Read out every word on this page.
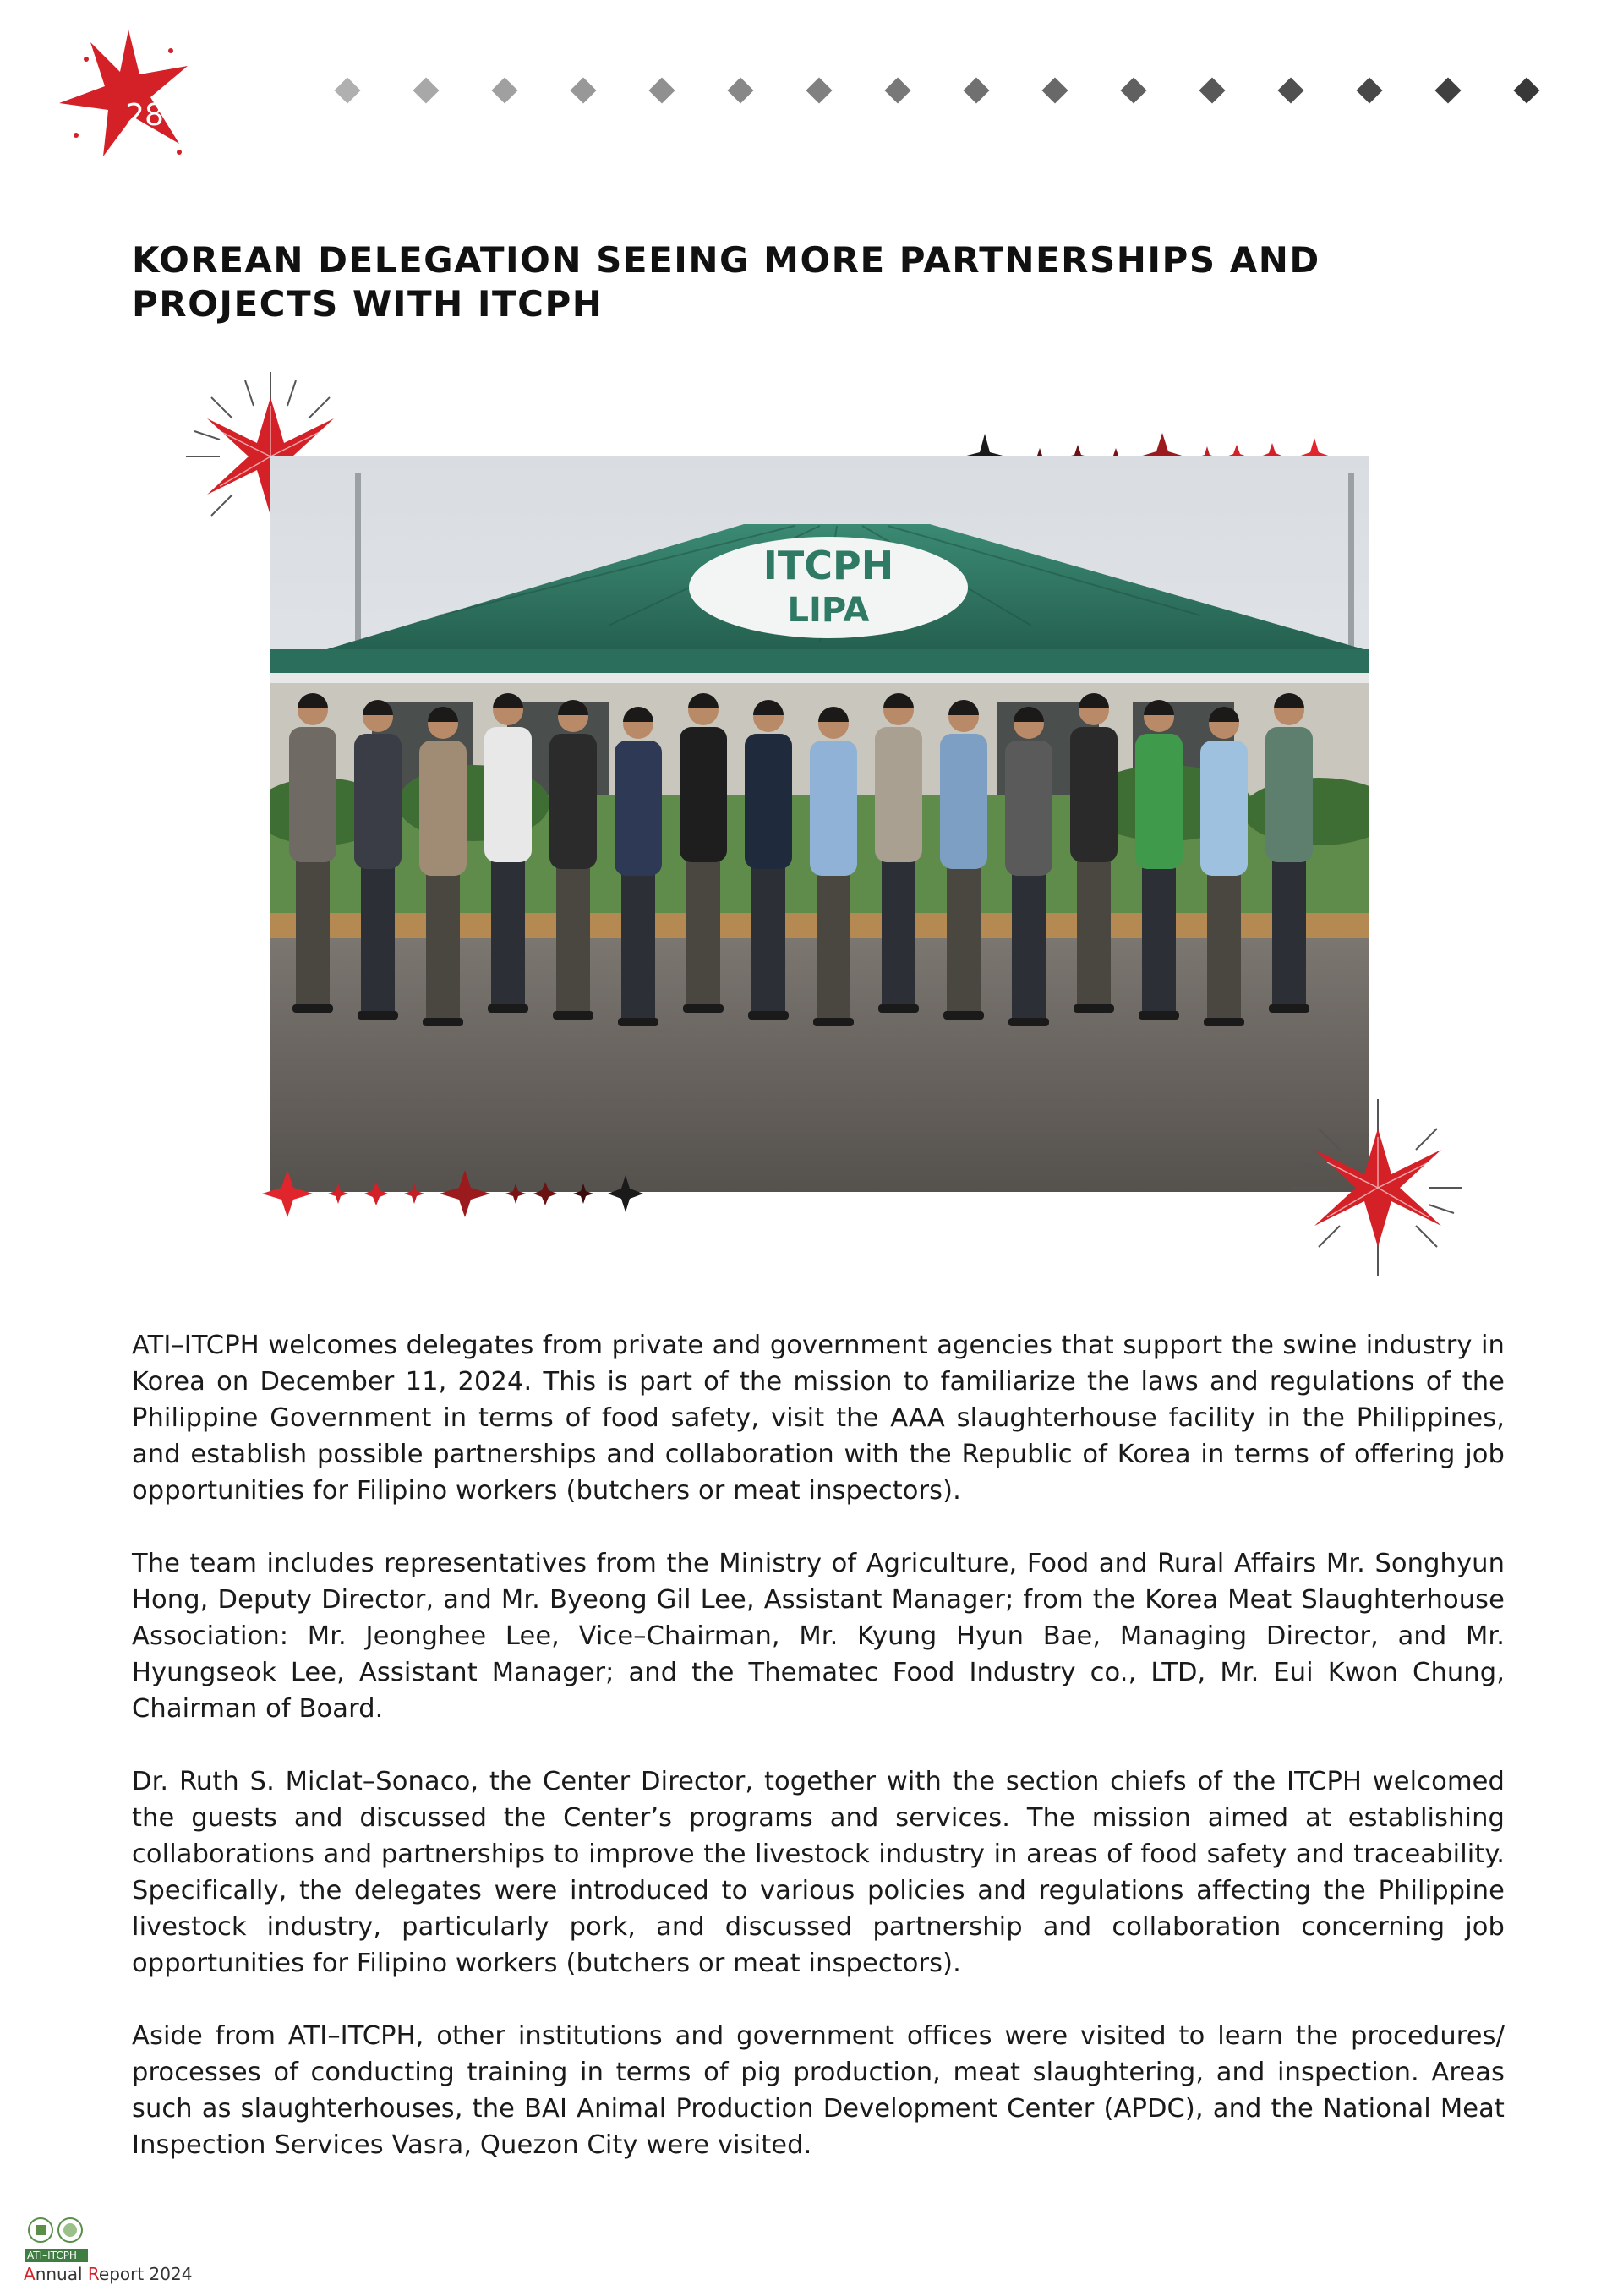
28
KOREAN DELEGATION SEEING MORE PARTNERSHIPS AND PROJECTS WITH ITCPH
ITCPH
LIPA

ATI–ITCPH welcomes delegates from private and government agencies that support the swine industry in Korea on December 11, 2024. This is part of the mission to familiarize the laws and regulations of the Philippine Government in terms of food safety, visit the AAA slaughterhouse facility in the Philippines, and establish possible partnerships and collaboration with the Republic of Korea in terms of offering job opportunities for Filipino workers (butchers or meat inspectors).

The team includes representatives from the Ministry of Agriculture, Food and Rural Affairs Mr. Songhyun Hong, Deputy Director, and Mr. Byeong Gil Lee, Assistant Manager; from the Korea Meat Slaughterhouse Association: Mr. Jeonghee Lee, Vice–Chairman, Mr. Kyung Hyun Bae, Managing Director, and Mr. Hyungseok Lee, Assistant Manager; and the Thematec Food Industry co., LTD, Mr. Eui Kwon Chung, Chairman of Board.

Dr. Ruth S. Miclat–Sonaco, the Center Director, together with the section chiefs of the ITCPH welcomed the guests and discussed the Center’s programs and services. The mission aimed at establishing collaborations and partnerships to improve the livestock industry in areas of food safety and traceability. Specifically, the delegates were introduced to various policies and regulations affecting the Philippine livestock industry, particularly pork, and discussed partnership and collaboration concerning job opportunities for Filipino workers (butchers or meat inspectors).

Aside from ATI–ITCPH, other institutions and government offices were visited to learn the procedures/ processes of conducting training in terms of pig production, meat slaughtering, and inspection. Areas such as slaughterhouses, the BAI Animal Production Development Center (APDC), and the National Meat Inspection Services Vasra, Quezon City were visited.

ATI–ITCPH
Annual Report 2024
